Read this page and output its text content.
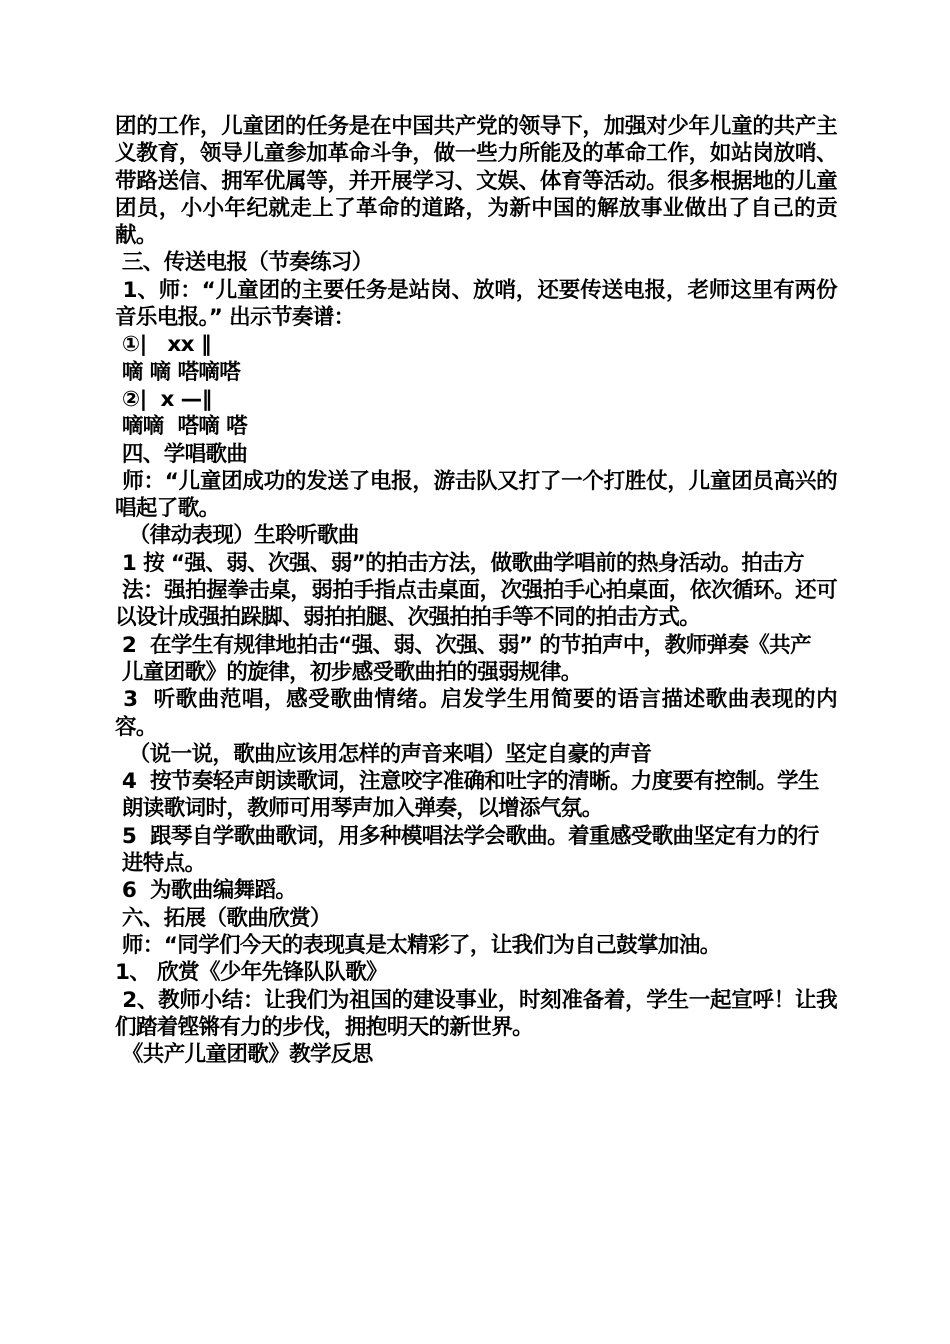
团的工作，儿童团的任务是在中国共产党的领导下，加强对少年儿童的共产主义教育，领导儿童参加革命斗争，做一些力所能及的革命工作，如站岗放哨、带路送信、拥军优属等，并开展学习、文娱、体育等活动。很多根据地的儿童团员，小小年纪就走上了革命的道路，为新中国的解放事业做出了自己的贡献。

三、传送电报（节奏练习）

1、师：“儿童团的主要任务是站岗、放哨，还要传送电报，老师这里有两份音乐电报。” 出示节奏谱：

①|   xx ‖

嘀 嘀 嗒嘀嗒

②|  x —‖

嘀嘀  嗒嘀 嗒

四、学唱歌曲

师：“儿童团成功的发送了电报，游击队又打了一个打胜仗，儿童团员高兴的唱起了歌。

（律动表现）生聆听歌曲

1 按 “强、弱、次强、弱”的拍击方法，做歌曲学唱前的热身活动。拍击方

法：强拍握拳击桌，弱拍手指点击桌面，次强拍手心拍桌面，依次循环。还可以设计成强拍跺脚、弱拍拍腿、次强拍拍手等不同的拍击方式。

2  在学生有规律地拍击“强、弱、次强、弱” 的节拍声中，教师弹奏《共产

儿童团歌》的旋律，初步感受歌曲拍的强弱规律。

3  听歌曲范唱，感受歌曲情绪。启发学生用简要的语言描述歌曲表现的内容。

（说一说，歌曲应该用怎样的声音来唱）坚定自豪的声音

4  按节奏轻声朗读歌词，注意咬字准确和吐字的清晰。力度要有控制。学生

朗读歌词时，教师可用琴声加入弹奏，以增添气氛。

5  跟琴自学歌曲歌词，用多种模唱法学会歌曲。着重感受歌曲坚定有力的行

进特点。

6  为歌曲编舞蹈。

六、拓展（歌曲欣赏）

师：“同学们今天的表现真是太精彩了，让我们为自己鼓掌加油。

1、 欣赏《少年先锋队队歌》

2、教师小结：让我们为祖国的建设事业，时刻准备着，学生一起宣呼！让我们踏着铿锵有力的步伐，拥抱明天的新世界。

《共产儿童团歌》教学反思
